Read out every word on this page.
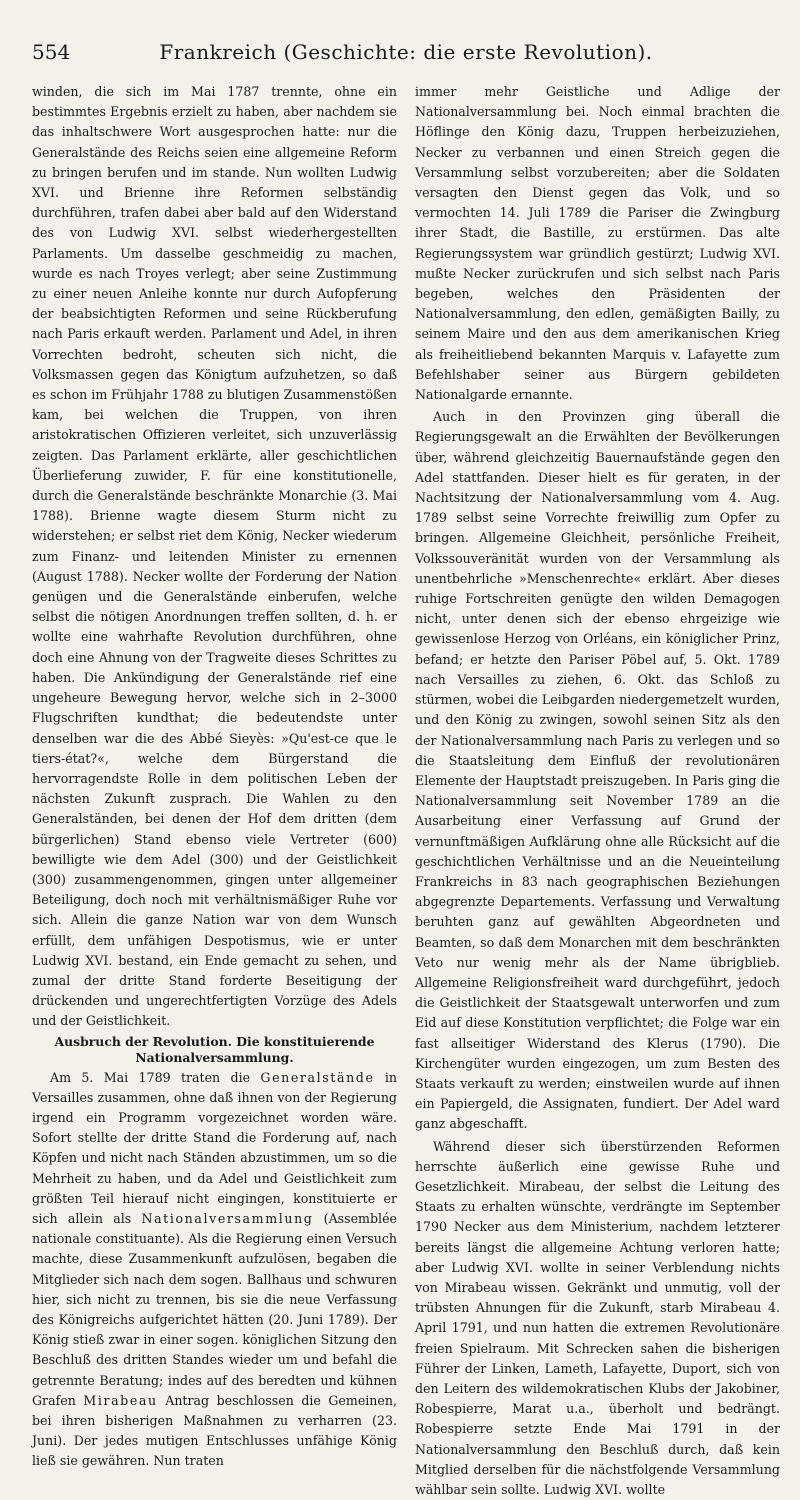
554	Frankreich (Geschichte: die erste Revolution).

winden, die sich im Mai 1787 trennte, ohne ein bestimmtes Ergebnis erzielt zu haben, aber nachdem sie das inhaltschwere Wort ausgesprochen hatte: nur die Generalstände des Reichs seien eine allgemeine Reform zu bringen berufen und im stande. Nun wollten Ludwig XVI. und Brienne ihre Reformen selbständig durchführen, trafen dabei aber bald auf den Widerstand des von Ludwig XVI. selbst wiederhergestellten Parlaments. Um dasselbe geschmeidig zu machen, wurde es nach Troyes verlegt; aber seine Zustimmung zu einer neuen Anleihe konnte nur durch Aufopferung der beabsichtigten Reformen und seine Rückberufung nach Paris erkauft werden. Parlament und Adel, in ihren Vorrechten bedroht, scheuten sich nicht, die Volksmassen gegen das Königtum aufzuhetzen, so daß es schon im Frühjahr 1788 zu blutigen Zusammenstößen kam, bei welchen die Truppen, von ihren aristokratischen Offizieren verleitet, sich unzuverlässig zeigten. Das Parlament erklärte, aller geschichtlichen Überlieferung zuwider, F. für eine konstitutionelle, durch die Generalstände beschränkte Monarchie (3. Mai 1788). Brienne wagte diesem Sturm nicht zu widerstehen; er selbst riet dem König, Necker wiederum zum Finanz- und leitenden Minister zu ernennen (August 1788). Necker wollte der Forderung der Nation genügen und die Generalstände einberufen, welche selbst die nötigen Anordnungen treffen sollten, d. h. er wollte eine wahrhafte Revolution durchführen, ohne doch eine Ahnung von der Tragweite dieses Schrittes zu haben. Die Ankündigung der Generalstände rief eine ungeheure Bewegung hervor, welche sich in 2–3000 Flugschriften kundthat; die bedeutendste unter denselben war die des Abbé Sieyès: »Qu'est-ce que le tiers-état?«, welche dem Bürgerstand die hervorragendste Rolle in dem politischen Leben der nächsten Zukunft zusprach. Die Wahlen zu den Generalständen, bei denen der Hof dem dritten (dem bürgerlichen) Stand ebenso viele Vertreter (600) bewilligte wie dem Adel (300) und der Geistlichkeit (300) zusammengenommen, gingen unter allgemeiner Beteiligung, doch noch mit verhältnismäßiger Ruhe vor sich. Allein die ganze Nation war von dem Wunsch erfüllt, dem unfähigen Despotismus, wie er unter Ludwig XVI. bestand, ein Ende gemacht zu sehen, und zumal der dritte Stand forderte Beseitigung der drückenden und ungerechtfertigten Vorzüge des Adels und der Geistlichkeit.

Ausbruch der Revolution. Die konstituierende Nationalversammlung.

Am 5. Mai 1789 traten die Generalstände in Versailles zusammen, ohne daß ihnen von der Regierung irgend ein Programm vorgezeichnet worden wäre. Sofort stellte der dritte Stand die Forderung auf, nach Köpfen und nicht nach Ständen abzustimmen, um so die Mehrheit zu haben, und da Adel und Geistlichkeit zum größten Teil hierauf nicht eingingen, konstituierte er sich allein als Nationalversammlung (Assemblée nationale constituante). Als die Regierung einen Versuch machte, diese Zusammenkunft aufzulösen, begaben die Mitglieder sich nach dem sogen. Ballhaus und schwuren hier, sich nicht zu trennen, bis sie die neue Verfassung des Königreichs aufgerichtet hätten (20. Juni 1789). Der König stieß zwar in einer sogen. königlichen Sitzung den Beschluß des dritten Standes wieder um und befahl die getrennte Beratung; indes auf des beredten und kühnen Grafen Mirabeau Antrag beschlossen die Gemeinen, bei ihren bisherigen Maßnahmen zu verharren (23. Juni). Der jedes mutigen Entschlusses unfähige König ließ sie gewähren. Nun traten

immer mehr Geistliche und Adlige der Nationalversammlung bei. Noch einmal brachten die Höflinge den König dazu, Truppen herbeizuziehen, Necker zu verbannen und einen Streich gegen die Versammlung selbst vorzubereiten; aber die Soldaten versagten den Dienst gegen das Volk, und so vermochten 14. Juli 1789 die Pariser die Zwingburg ihrer Stadt, die Bastille, zu erstürmen. Das alte Regierungssystem war gründlich gestürzt; Ludwig XVI. mußte Necker zurückrufen und sich selbst nach Paris begeben, welches den Präsidenten der Nationalversammlung, den edlen, gemäßigten Bailly, zu seinem Maire und den aus dem amerikanischen Krieg als freiheitliebend bekannten Marquis v. Lafayette zum Befehlshaber seiner aus Bürgern gebildeten Nationalgarde ernannte.

Auch in den Provinzen ging überall die Regierungsgewalt an die Erwählten der Bevölkerungen über, während gleichzeitig Bauernaufstände gegen den Adel stattfanden. Dieser hielt es für geraten, in der Nachtsitzung der Nationalversammlung vom 4. Aug. 1789 selbst seine Vorrechte freiwillig zum Opfer zu bringen. Allgemeine Gleichheit, persönliche Freiheit, Volkssouveränität wurden von der Versammlung als unentbehrliche »Menschenrechte« erklärt. Aber dieses ruhige Fortschreiten genügte den wilden Demagogen nicht, unter denen sich der ebenso ehrgeizige wie gewissenlose Herzog von Orléans, ein königlicher Prinz, befand; er hetzte den Pariser Pöbel auf, 5. Okt. 1789 nach Versailles zu ziehen, 6. Okt. das Schloß zu stürmen, wobei die Leibgarden niedergemetzelt wurden, und den König zu zwingen, sowohl seinen Sitz als den der Nationalversammlung nach Paris zu verlegen und so die Staatsleitung dem Einfluß der revolutionären Elemente der Hauptstadt preiszugeben. In Paris ging die Nationalversammlung seit November 1789 an die Ausarbeitung einer Verfassung auf Grund der vernunftmäßigen Aufklärung ohne alle Rücksicht auf die geschichtlichen Verhältnisse und an die Neueinteilung Frankreichs in 83 nach geographischen Beziehungen abgegrenzte Departements. Verfassung und Verwaltung beruhten ganz auf gewählten Abgeordneten und Beamten, so daß dem Monarchen mit dem beschränkten Veto nur wenig mehr als der Name übrigblieb. Allgemeine Religionsfreiheit ward durchgeführt, jedoch die Geistlichkeit der Staatsgewalt unterworfen und zum Eid auf diese Konstitution verpflichtet; die Folge war ein fast allseitiger Widerstand des Klerus (1790). Die Kirchengüter wurden eingezogen, um zum Besten des Staats verkauft zu werden; einstweilen wurde auf ihnen ein Papiergeld, die Assignaten, fundiert. Der Adel ward ganz abgeschafft.

Während dieser sich überstürzenden Reformen herrschte äußerlich eine gewisse Ruhe und Gesetzlichkeit. Mirabeau, der selbst die Leitung des Staats zu erhalten wünschte, verdrängte im September 1790 Necker aus dem Ministerium, nachdem letzterer bereits längst die allgemeine Achtung verloren hatte; aber Ludwig XVI. wollte in seiner Verblendung nichts von Mirabeau wissen. Gekränkt und unmutig, voll der trübsten Ahnungen für die Zukunft, starb Mirabeau 4. April 1791, und nun hatten die extremen Revolutionäre freien Spielraum. Mit Schrecken sahen die bisherigen Führer der Linken, Lameth, Lafayette, Duport, sich von den Leitern des wildemokratischen Klubs der Jakobiner, Robespierre, Marat u.a., überholt und bedrängt. Robespierre setzte Ende Mai 1791 in der Nationalversammlung den Beschluß durch, daß kein Mitglied derselben für die nächstfolgende Versammlung wählbar sein sollte. Ludwig XVI. wollte
